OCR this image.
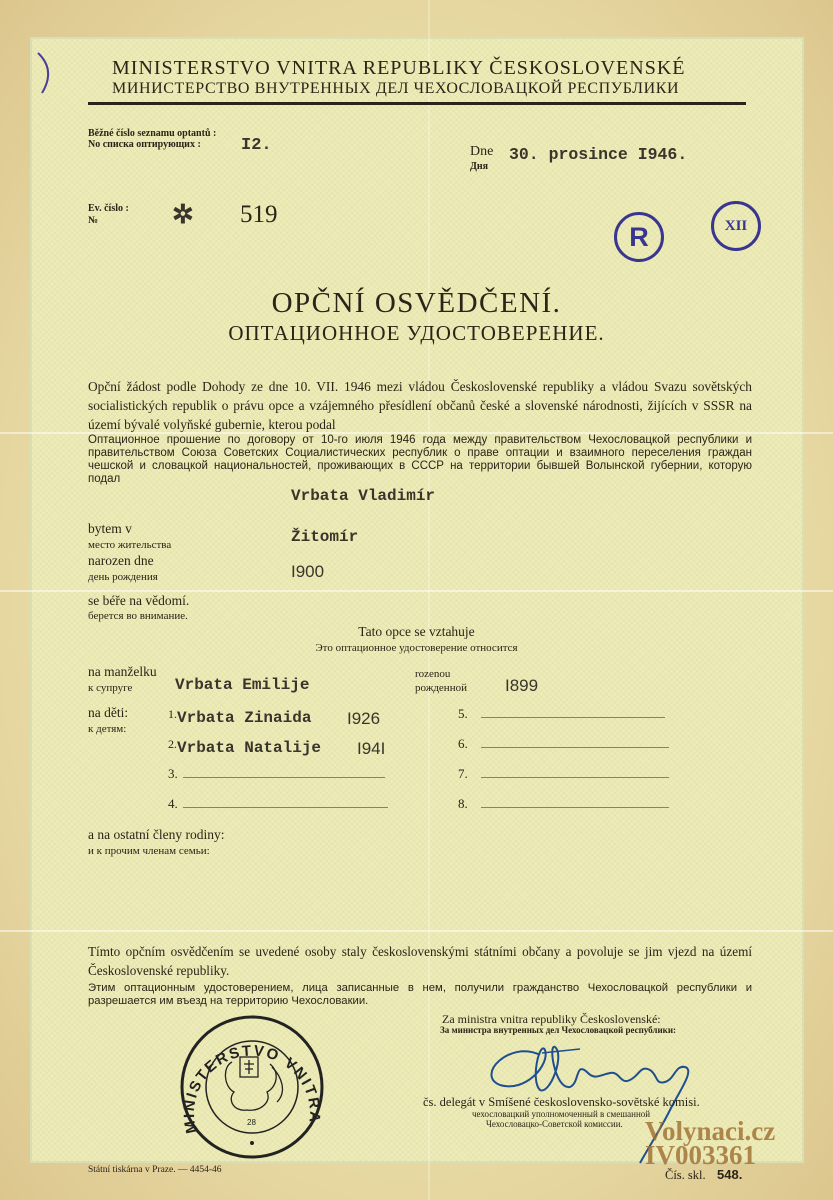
MINISTERSTVO VNITRA REPUBLIKY ČESKOSLOVENSKÉ
МИНИСТЕРСТВО ВНУТРЕННЫХ ДЕЛ ЧЕХОСЛОВАЦКОЙ РЕСПУБЛИКИ
Běžné číslo seznamu optantů :
No списка оптирующих : I2.	Dne
Дня
30. prosince I946.
Ev. číslo :
№	✲ 519
R	XII
OPČNÍ OSVĚDČENÍ.
ОПТАЦИОННОЕ УДОСТОВЕРЕНИЕ.
Opční žádost podle Dohody ze dne 10. VII. 1946 mezi vládou Československé republiky a vládou Svazu sovětských socialistických republik o právu opce a vzájemného přesídlení občanů české a slovenské národnosti, žijících v SSSR na území bývalé volyňské gubernie, kterou podal
Оптационное прошение по договору от 10-го июля 1946 года между правительством Чехословацкой республики и правительством Союза Советских Социалистических республик о праве оптации и взаимного переселения граждан чешской и словацкой национальностей, проживающих в СССР на территории бывшей Волынской губернии, которую подал
Vrbata Vladimír
bytem v
место жительства	Žitomír
narozen dne
день рождения	I900
se béře na vědomí.
берется во внимание.
Tato opce se vztahuje
Это оптационное удостоверение относится
na manželku
к супруге	Vrbata Emilije
rozenou
рожденной I899
na děti:
к детям:
1. Vrbata Zinaida I926
2. Vrbata Natalije I94I
3.
4.
5.
6.
7.
8.
a na ostatní členy rodiny:
и к прочим членам семьи:
Tímto opčním osvědčením se uvedené osoby staly československými státními občany a povoluje se jim vjezd na území Československé republiky.
Этим оптационным удостоверением, лица записанные в нем, получили гражданство Чехословацкой республики и разрешается им въезд на территорию Чехословакии.
Za ministra vnitra republiky Československé:
За министра внутренных дел Чехословацкой республики:
čs. delegát v Smíšené československo-sovětské komisi.
чехословацкий уполномоченный в смешанной
Чехословацко-Советской комиссии.
MINISTERSTVO VNITRA
28
Státní tiskárna v Praze. — 4454-46	Čís. skl. 548.
Volynaci.cz
IV003361
